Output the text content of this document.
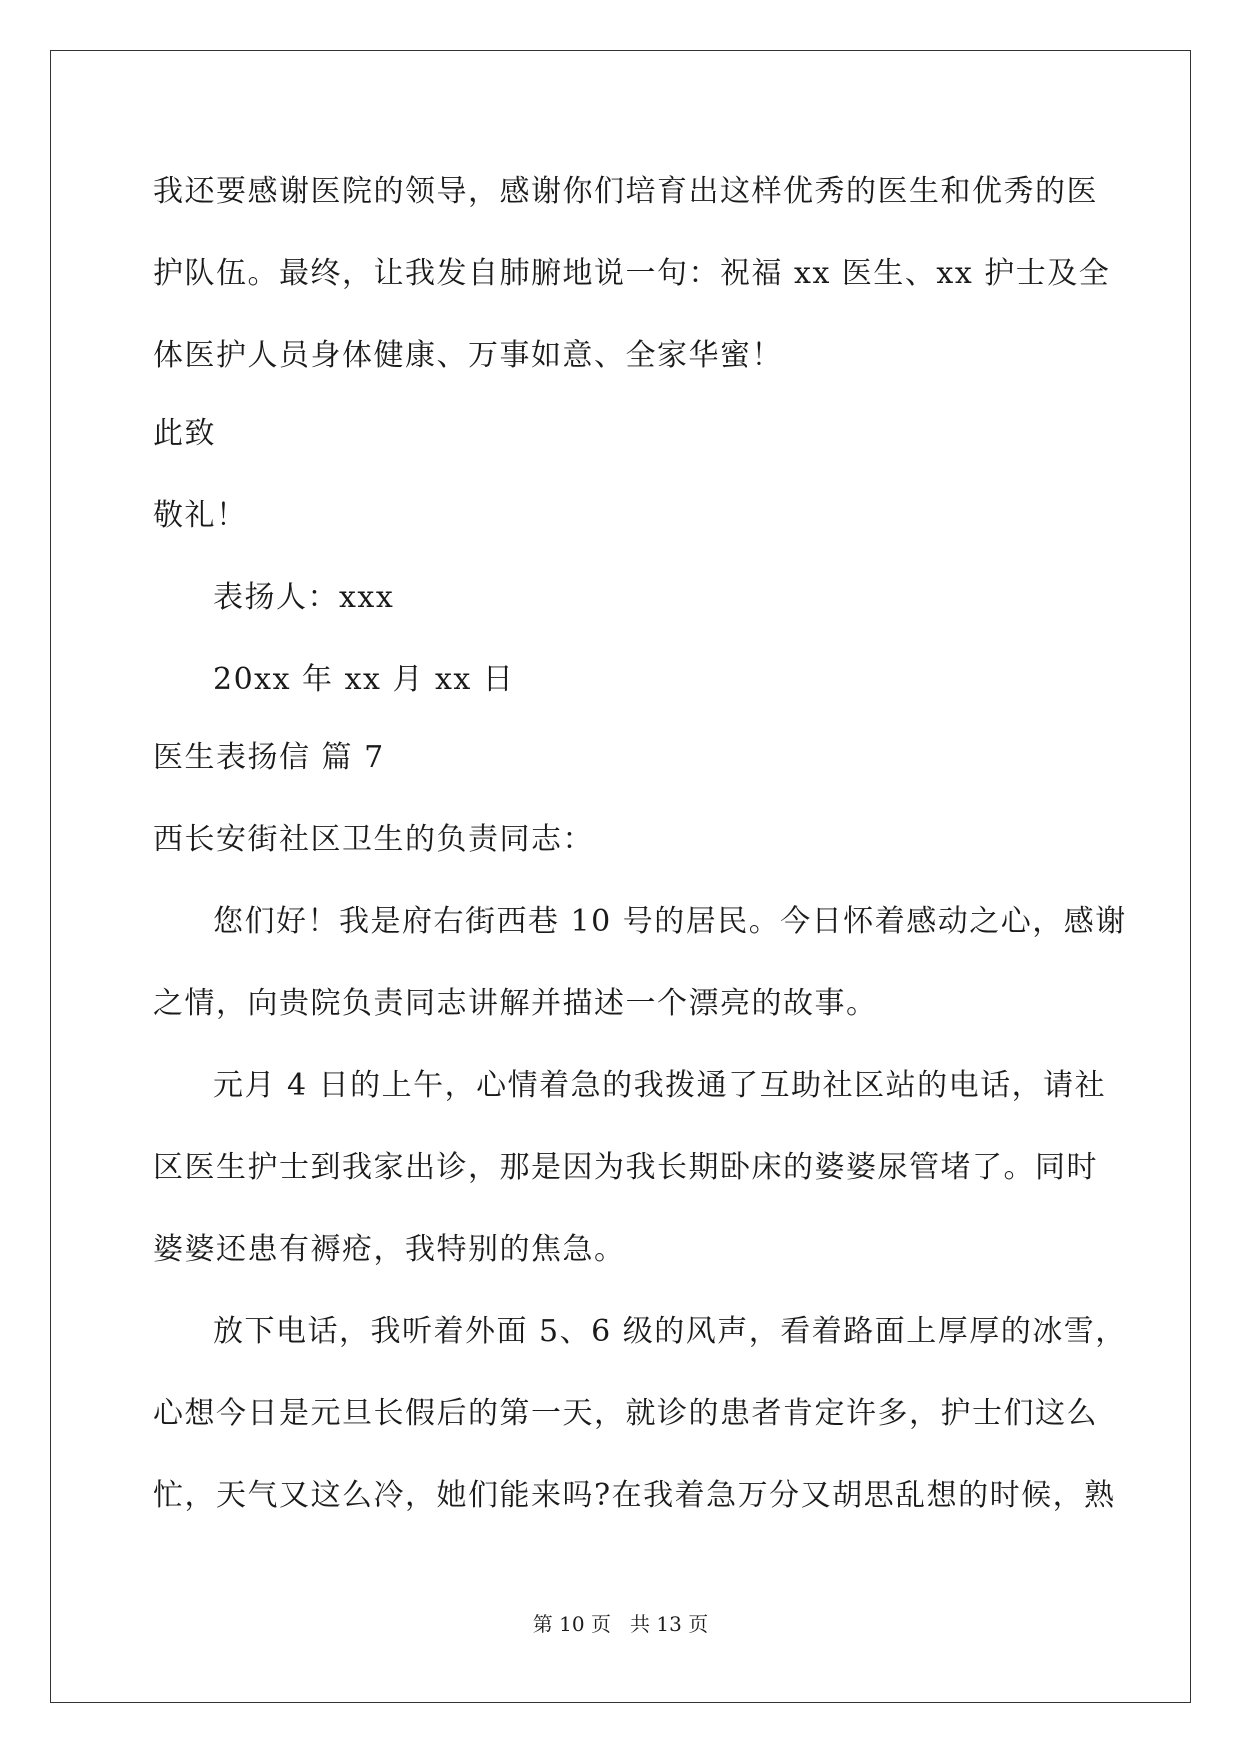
我还要感谢医院的领导，感谢你们培育出这样优秀的医生和优秀的医
护队伍。最终，让我发自肺腑地说一句：祝福 xx 医生、xx 护士及全
体医护人员身体健康、万事如意、全家华蜜！
此致
敬礼！
表扬人：xxx
20xx 年 xx 月 xx 日
医生表扬信 篇 7
西长安街社区卫生的负责同志：
您们好！我是府右街西巷 10 号的居民。今日怀着感动之心，感谢
之情，向贵院负责同志讲解并描述一个漂亮的故事。
元月 4 日的上午，心情着急的我拨通了互助社区站的电话，请社
区医生护士到我家出诊，那是因为我长期卧床的婆婆尿管堵了。同时
婆婆还患有褥疮，我特别的焦急。
放下电话，我听着外面 5、6 级的风声，看着路面上厚厚的冰雪，
心想今日是元旦长假后的第一天，就诊的患者肯定许多，护士们这么
忙，天气又这么冷，她们能来吗?在我着急万分又胡思乱想的时候，熟
第 10 页   共 13 页
